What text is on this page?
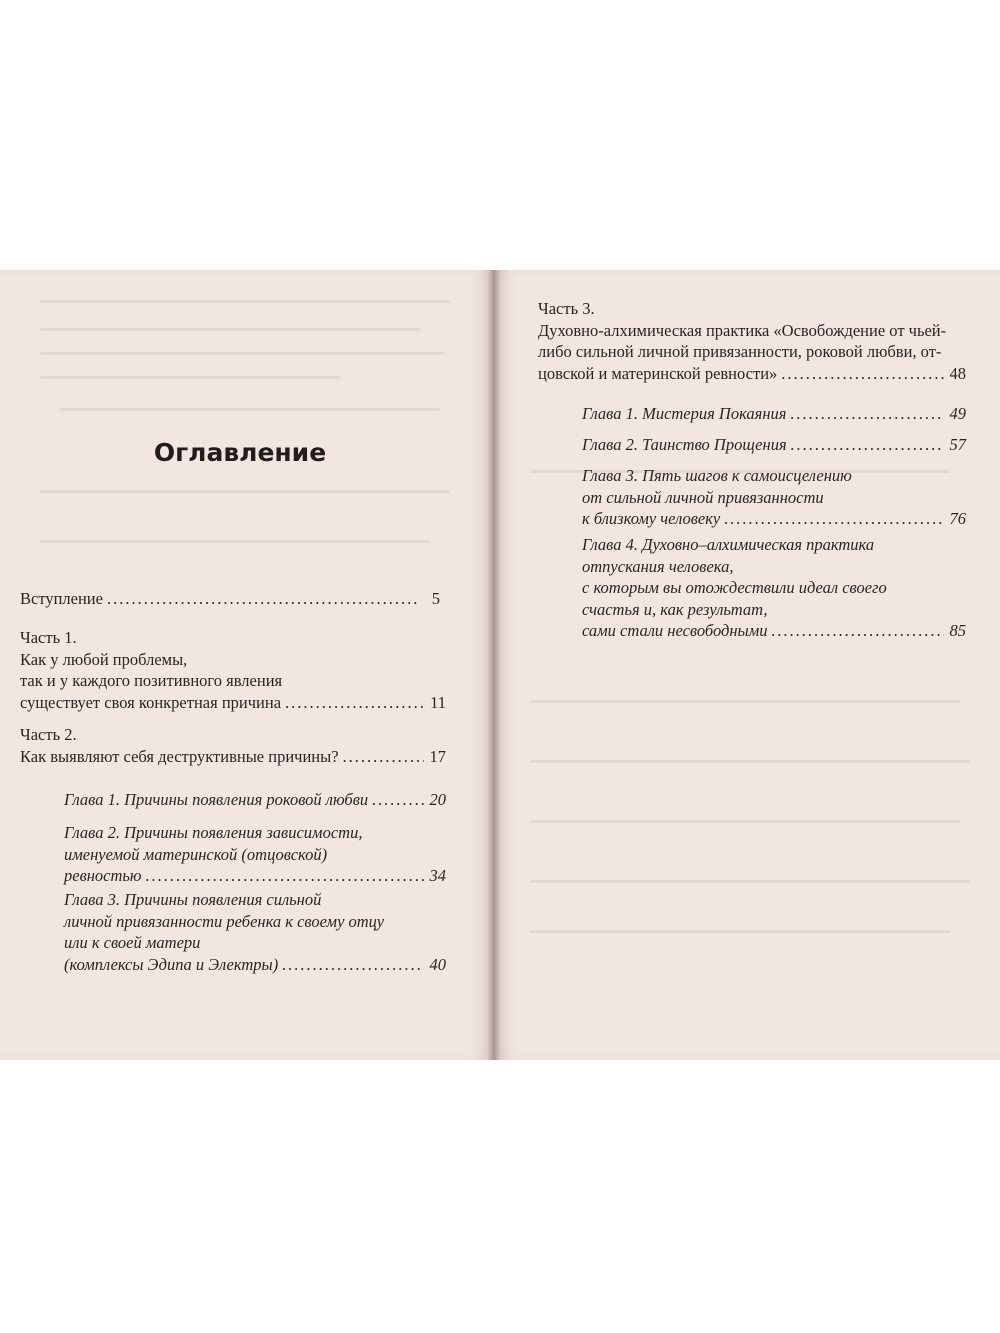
Оглавление
Вступление .....	5
Часть 1.
Как у любой проблемы,
так и у каждого позитивного явления
существует своя конкретная причина .....	11
Часть 2.
Как выявляют себя деструктивные причины? .....	17
Глава 1. Причины появления роковой любви .....	20
Глава 2. Причины появления зависимости,
именуемой материнской (отцовской)
ревностью .....	34
Глава 3. Причины появления сильной
личной привязанности ребенка к своему отцу
или к своей матери
(комплексы Эдипа и Электры) .....	40
Часть 3.
Духовно-алхимическая практика «Освобождение от чьей-
либо сильной личной привязанности, роковой любви, от-
цовской и материнской ревности» .....	48
Глава 1. Мистерия Покаяния .....	49
Глава 2. Таинство Прощения .....	57
Глава 3. Пять шагов к самоисцелению
от сильной личной привязанности
к близкому человеку .....	76
Глава 4. Духовно–алхимическая практика
отпускания человека,
с которым вы отождествили идеал своего
счастья и, как результат,
сами стали несвободными .....	85
